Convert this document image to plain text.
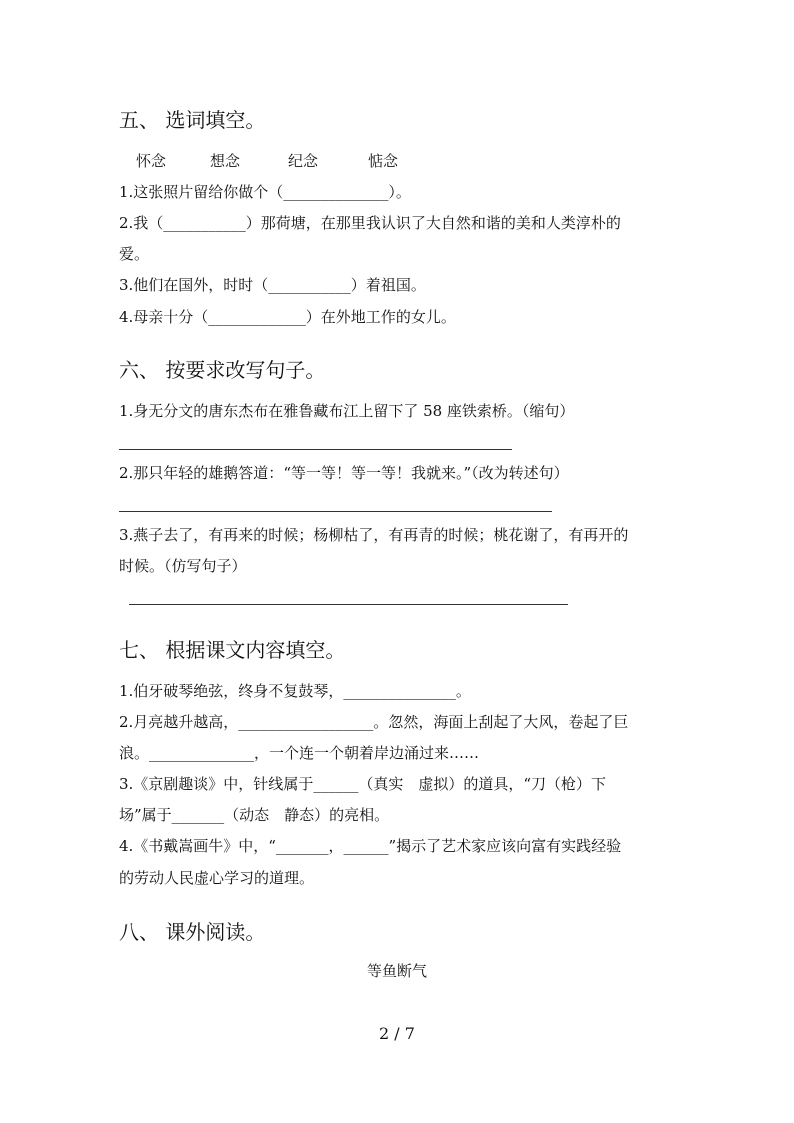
五、 选词填空。
怀念	想念	纪念	惦念
1.这张照片留给你做个（______________）。
2.我（___________）那荷塘，在那里我认识了大自然和谐的美和人类淳朴的
爱。
3.他们在国外，时时（___________）着祖国。
4.母亲十分（_____________）在外地工作的女儿。
六、 按要求改写句子。
1.身无分文的唐东杰布在雅鲁藏布江上留下了 58 座铁索桥。（缩句）
2.那只年轻的雄鹅答道：“等一等！等一等！我就来。”（改为转述句）
3.燕子去了，有再来的时候；杨柳枯了，有再青的时候；桃花谢了，有再开的
时候。（仿写句子）
七、 根据课文内容填空。
1.伯牙破琴绝弦，终身不复鼓琴，_______________。
2.月亮越升越高，__________________。忽然，海面上刮起了大风，卷起了巨
浪。______________，一个连一个朝着岸边涌过来……
3.《京剧趣谈》中，针线属于______（真实　虚拟）的道具，“刀（枪）下
场”属于_______（动态　静态）的亮相。
4.《书戴嵩画牛》中，“_______，______”揭示了艺术家应该向富有实践经验
的劳动人民虚心学习的道理。
八、 课外阅读。
等鱼断气
2 / 7
